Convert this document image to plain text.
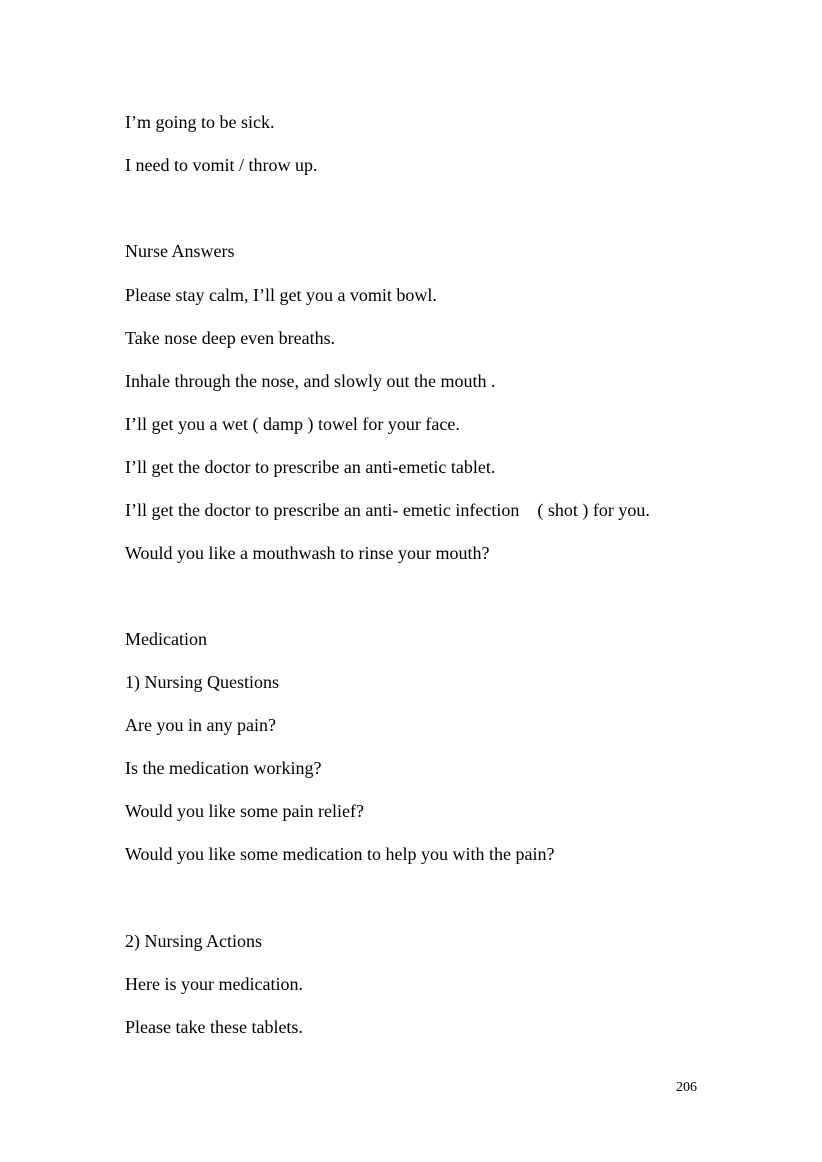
I’m going to be sick.
I need to vomit / throw up.
Nurse Answers
Please stay calm, I’ll get you a vomit bowl.
Take nose deep even breaths.
Inhale through the nose, and slowly out the mouth .
I’ll get you a wet ( damp ) towel for your face.
I’ll get the doctor to prescribe an anti-emetic tablet.
I’ll get the doctor to prescribe an anti- emetic infection    ( shot ) for you.
Would you like a mouthwash to rinse your mouth?
Medication
1) Nursing Questions
Are you in any pain?
Is the medication working?
Would you like some pain relief?
Would you like some medication to help you with the pain?
2) Nursing Actions
Here is your medication.
Please take these tablets.
206
